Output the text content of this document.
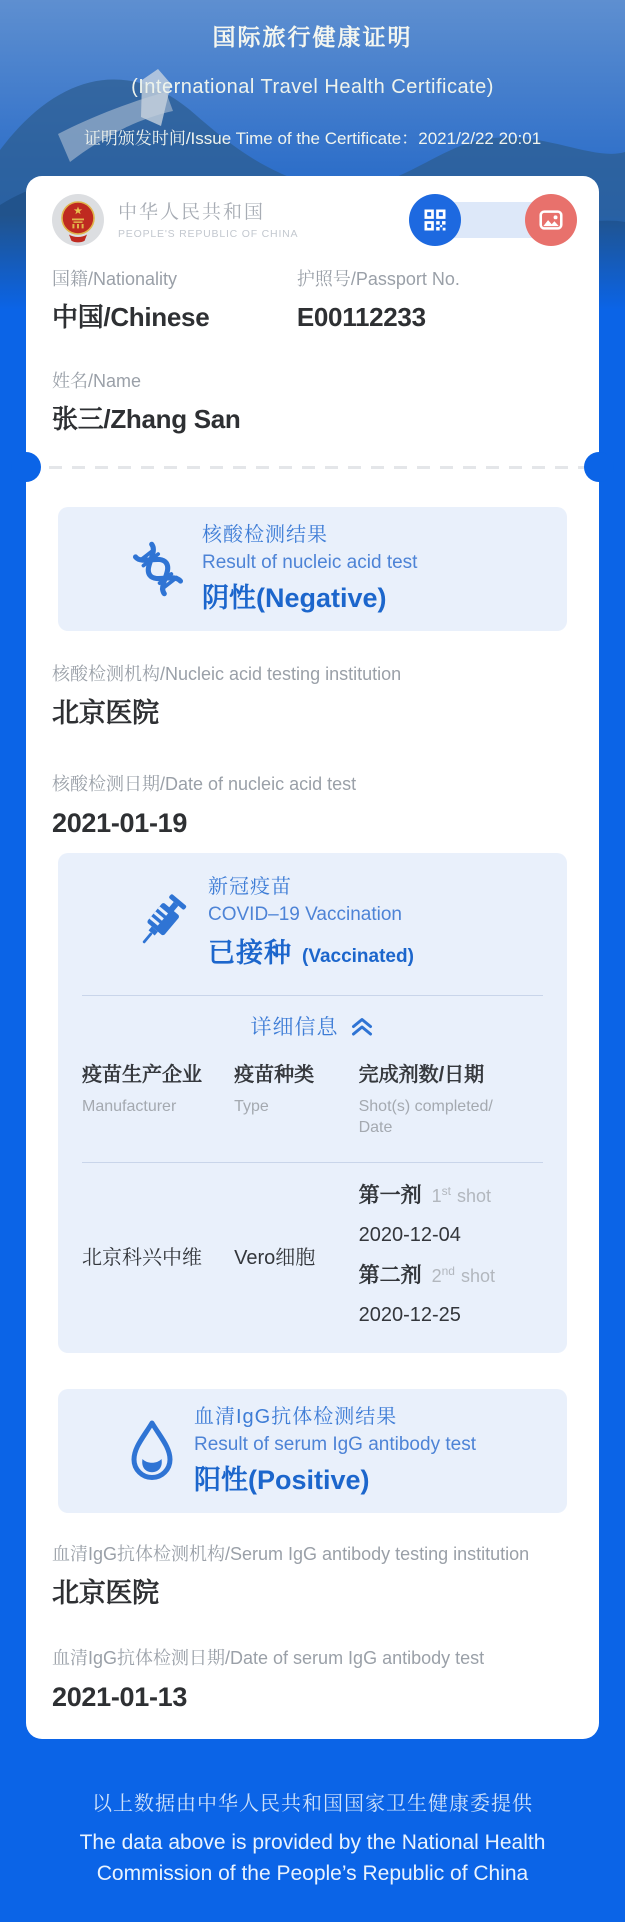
国际旅行健康证明
(International Travel Health Certificate)
证明颁发时间/Issue Time of the Certificate：2021/2/22 20:01
中华人民共和国
PEOPLE'S REPUBLIC OF CHINA
国籍/Nationality
中国/Chinese
护照号/Passport No.
E00112233
姓名/Name
张三/Zhang San
核酸检测结果
Result of nucleic acid test
阴性(Negative)
核酸检测机构/Nucleic acid testing institution
北京医院
核酸检测日期/Date of nucleic acid test
2021-01-19
新冠疫苗
COVID–19 Vaccination
已接种 (Vaccinated)
详细信息
疫苗生产企业
Manufacturer
疫苗种类
Type
完成剂数/日期
Shot(s) completed/
Date
北京科兴中维	Vero细胞
第一剂 1st shot
2020-12-04
第二剂 2nd shot
2020-12-25
血清IgG抗体检测结果
Result of serum IgG antibody test
阳性(Positive)
血清IgG抗体检测机构/Serum IgG antibody testing institution
北京医院
血清IgG抗体检测日期/Date of serum IgG antibody test
2021-01-13
以上数据由中华人民共和国国家卫生健康委提供
The data above is provided by the National Health
Commission of the People’s Republic of China
